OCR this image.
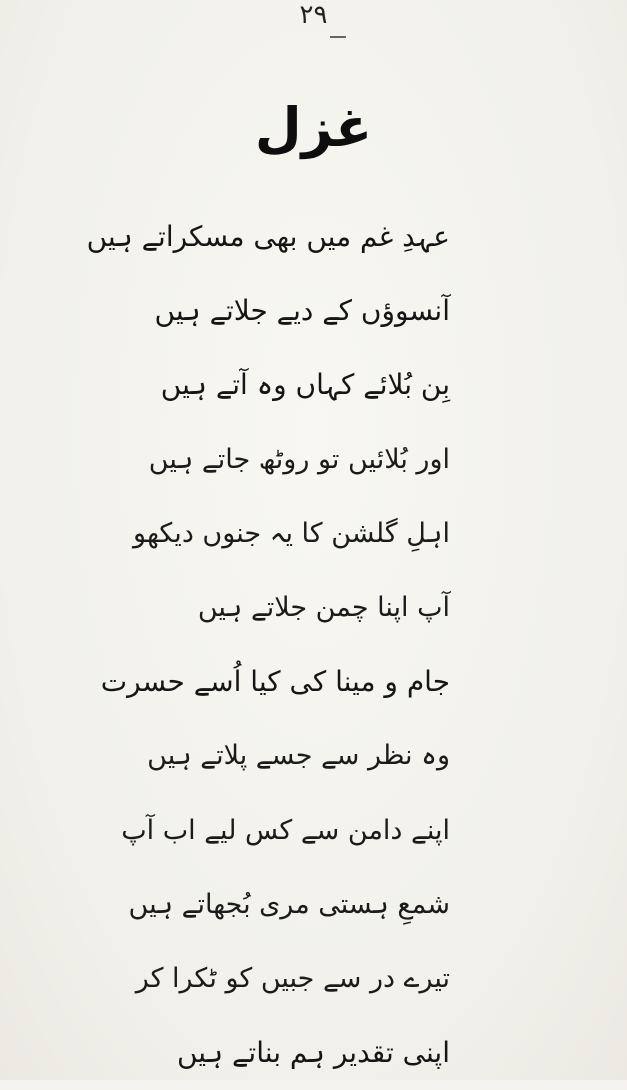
۲۹
غزل
عہدِ غم میں بھی مسکراتے ہیں
آنسوؤں کے دیے جلاتے ہیں
بِن بُلائے کہاں وہ آتے ہیں
اور بُلائیں تو روٹھ جاتے ہیں
اہلِ گلشن کا یہ جنوں دیکھو
آپ اپنا چمن جلاتے ہیں
جام و مینا کی کیا اُسے حسرت
وہ نظر سے جسے پلاتے ہیں
اپنے دامن سے کس لیے اب آپ
شمعِ ہستی مری بُجھاتے ہیں
تیرے در سے جبیں کو ٹکرا کر
اپنی تقدیر ہم بناتے ہیں
